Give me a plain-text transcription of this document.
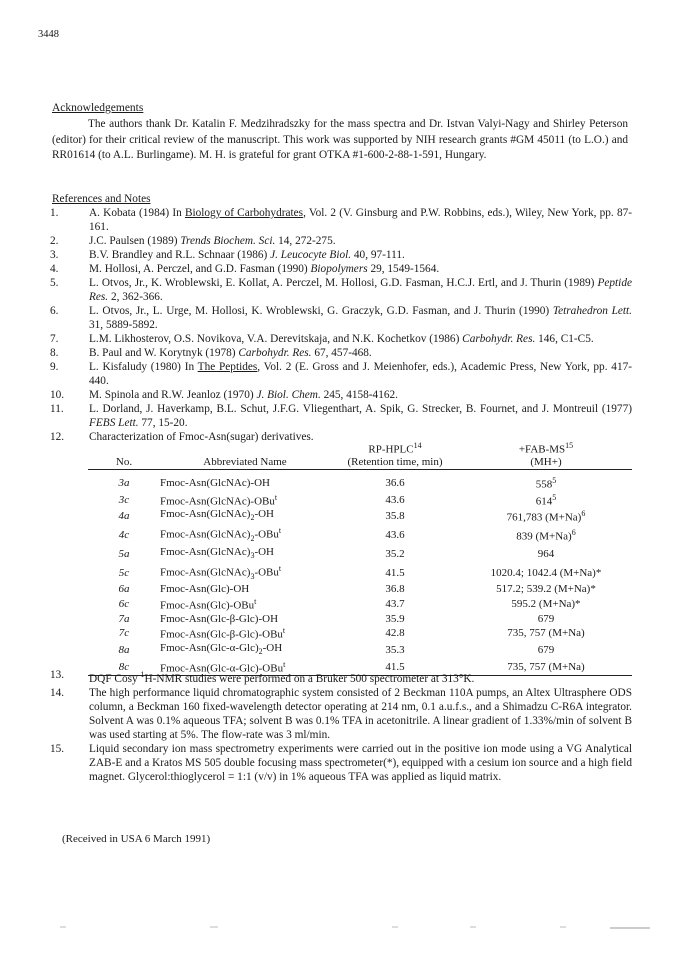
3448
Acknowledgements
The authors thank Dr. Katalin F. Medzihradszky for the mass spectra and Dr. Istvan Valyi-Nagy and Shirley Peterson (editor) for their critical review of the manuscript. This work was supported by NIH research grants #GM 45011 (to L.O.) and RR01614 (to A.L. Burlingame). M. H. is grateful for grant OTKA #1-600-2-88-1-591, Hungary.
References and Notes
1.	A. Kobata (1984) In Biology of Carbohydrates, Vol. 2 (V. Ginsburg and P.W. Robbins, eds.), Wiley, New York, pp. 87-161.
2.	J.C. Paulsen (1989) Trends Biochem. Sci. 14, 272-275.
3.	B.V. Brandley and R.L. Schnaar (1986) J. Leucocyte Biol. 40, 97-111.
4.	M. Hollosi, A. Perczel, and G.D. Fasman (1990) Biopolymers 29, 1549-1564.
5.	L. Otvos, Jr., K. Wroblewski, E. Kollat, A. Perczel, M. Hollosi, G.D. Fasman, H.C.J. Ertl, and J. Thurin (1989) Peptide Res. 2, 362-366.
6.	L. Otvos, Jr., L. Urge, M. Hollosi, K. Wroblewski, G. Graczyk, G.D. Fasman, and J. Thurin (1990) Tetrahedron Lett. 31, 5889-5892.
7.	L.M. Likhosterov, O.S. Novikova, V.A. Derevitskaja, and N.K. Kochetkov (1986) Carbohydr. Res. 146, C1-C5.
8.	B. Paul and W. Korytnyk (1978) Carbohydr. Res. 67, 457-468.
9.	L. Kisfaludy (1980) In The Peptides, Vol. 2 (E. Gross and J. Meienhofer, eds.), Academic Press, New York, pp. 417-440.
10. M. Spinola and R.W. Jeanloz (1970) J. Biol. Chem. 245, 4158-4162.
11. L. Dorland, J. Haverkamp, B.L. Schut, J.F.G. Vliegenthart, A. Spik, G. Strecker, B. Fournet, and J. Montreuil (1977) FEBS Lett. 77, 15-20.
12. Characterization of Fmoc-Asn(sugar) derivatives.
		$RP-HPLC^{14}$	$+FAB-MS^{15}$
No.	Abbreviated Name	(Retention time, min)	(MH+)
3a	Fmoc-Asn(GlcNAc)-OH	36.6	$558^5$
3c	Fmoc-Asn(GlcNAc)-OBu$^t$	43.6	$614^5$
4a	Fmoc-$Asn(GlcNAc)_2-OH$	35.8	761,783 $(M+Na)^6$
4c	Fmoc-$Asn(GlcNAc)_2-OBu^t$	43.6	839 $(M+Na)^6$
5a	Fmoc-$Asn(GlcNAc)_3-OH$	35.2	964
5c	Fmoc-$Asn(GlcNAc)_3-OBu^t$	41.5	1020.4; 1042.4 (M+Na)*
6a	Fmoc-Asn(Glc)-OH	36.8	517.2; 539.2 (M+Na)*
6c	Fmoc-Asn(Glc)-OBu$^t$	43.7	595.2 (M+Na)*
7a	Fmoc-Asn(Glc-β-Glc)-OH	35.9	679
7c	Fmoc-Asn(Glc-β-Glc)-OBu$^t$	42.8	735, 757 (M+Na)
8a	Fmoc-$Asn(Glc-\alpha-Glc)_2-OH$	35.3	679
8c	Fmoc-Asn(Glc-α-Glc)-OBu$^t$	41.5	735, 757 (M+Na)
13. DQF Cosy $^1$H-NMR studies were performed on a Bruker 500 spectrometer at 313°K.
14. The high performance liquid chromatographic system consisted of 2 Beckman 110A pumps, an Altex Ultrasphere ODS column, a Beckman 160 fixed-wavelength detector operating at 214 nm, 0.1 a.u.f.s., and a Shimadzu C-R6A integrator. Solvent A was 0.1% aqueous TFA; solvent B was 0.1% TFA in acetonitrile. A linear gradient of 1.33%/min of solvent B was used starting at 5%. The flow-rate was 3 ml/min.
15. Liquid secondary ion mass spectrometry experiments were carried out in the positive ion mode using a VG Analytical ZAB-E and a Kratos MS 505 double focusing mass spectrometer(*), equipped with a cesium ion source and a high field magnet. Glycerol:thioglycerol = 1:1 (v/v) in 1% aqueous TFA was applied as liquid matrix.
(Received in USA 6 March 1991)
